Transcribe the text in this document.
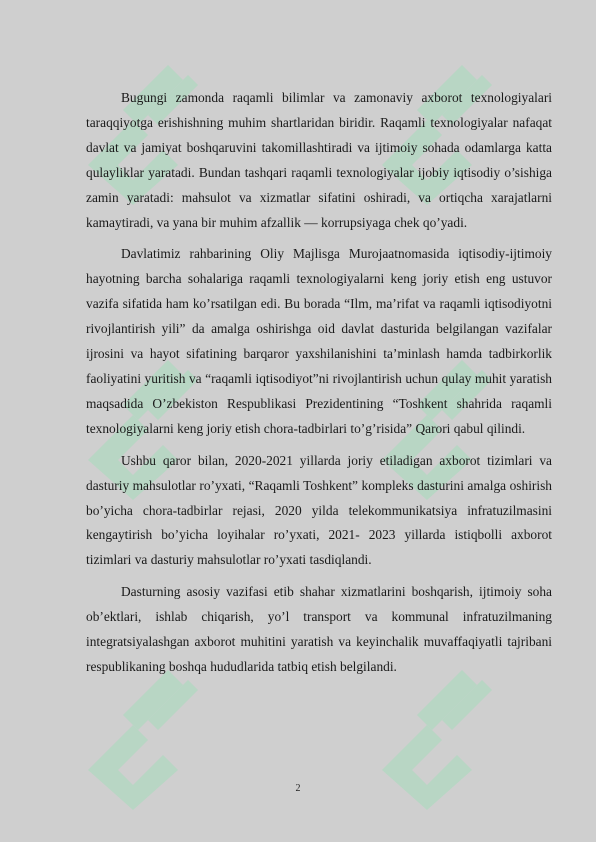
Bugungi zamonda raqamli bilimlar va zamonaviy axborot texnologiyalari taraqqiyotga erishishning muhim shartlaridan biridir. Raqamli texnologiyalar nafaqat davlat va jamiyat boshqaruvini takomillashtiradi va ijtimoiy sohada odamlarga katta qulayliklar yaratadi. Bundan tashqari raqamli texnologiyalar ijobiy iqtisodiy o’sishiga zamin yaratadi: mahsulot va xizmatlar sifatini oshiradi, va ortiqcha xarajatlarni kamaytiradi, va yana bir muhim afzallik — korrupsiyaga chek qo’yadi.

Davlatimiz rahbarining Oliy Majlisga Murojaatnomasida iqtisodiy-ijtimoiy hayotning barcha sohalariga raqamli texnologiyalarni keng joriy etish eng ustuvor vazifa sifatida ham ko’rsatilgan edi. Bu borada “Ilm, ma’rifat va raqamli iqtisodiyotni rivojlantirish yili” da amalga oshirishga oid davlat dasturida belgilangan vazifalar ijrosini va hayot sifatining barqaror yaxshilanishini ta’minlash hamda tadbirkorlik faoliyatini yuritish va “raqamli iqtisodiyot”ni rivojlantirish uchun qulay muhit yaratish maqsadida O’zbekiston Respublikasi Prezidentining “Toshkent shahrida raqamli texnologiyalarni keng joriy etish chora-tadbirlari to’g’risida” Qarori qabul qilindi.

Ushbu qaror bilan, 2020-2021 yillarda joriy etiladigan axborot tizimlari va dasturiy mahsulotlar ro’yxati, “Raqamli Toshkent” kompleks dasturini amalga oshirish bo’yicha chora-tadbirlar rejasi, 2020 yilda telekommunikatsiya infratuzilmasini kengaytirish bo’yicha loyihalar ro’yxati, 2021- 2023 yillarda istiqbolli axborot tizimlari va dasturiy mahsulotlar ro’yxati tasdiqlandi.

Dasturning asosiy vazifasi etib shahar xizmatlarini boshqarish, ijtimoiy soha ob’ektlari, ishlab chiqarish, yo’l transport va kommunal infratuzilmaning integratsiyalashgan axborot muhitini yaratish va keyinchalik muvaffaqiyatli tajribani respublikaning boshqa hududlarida tatbiq etish belgilandi.

2
